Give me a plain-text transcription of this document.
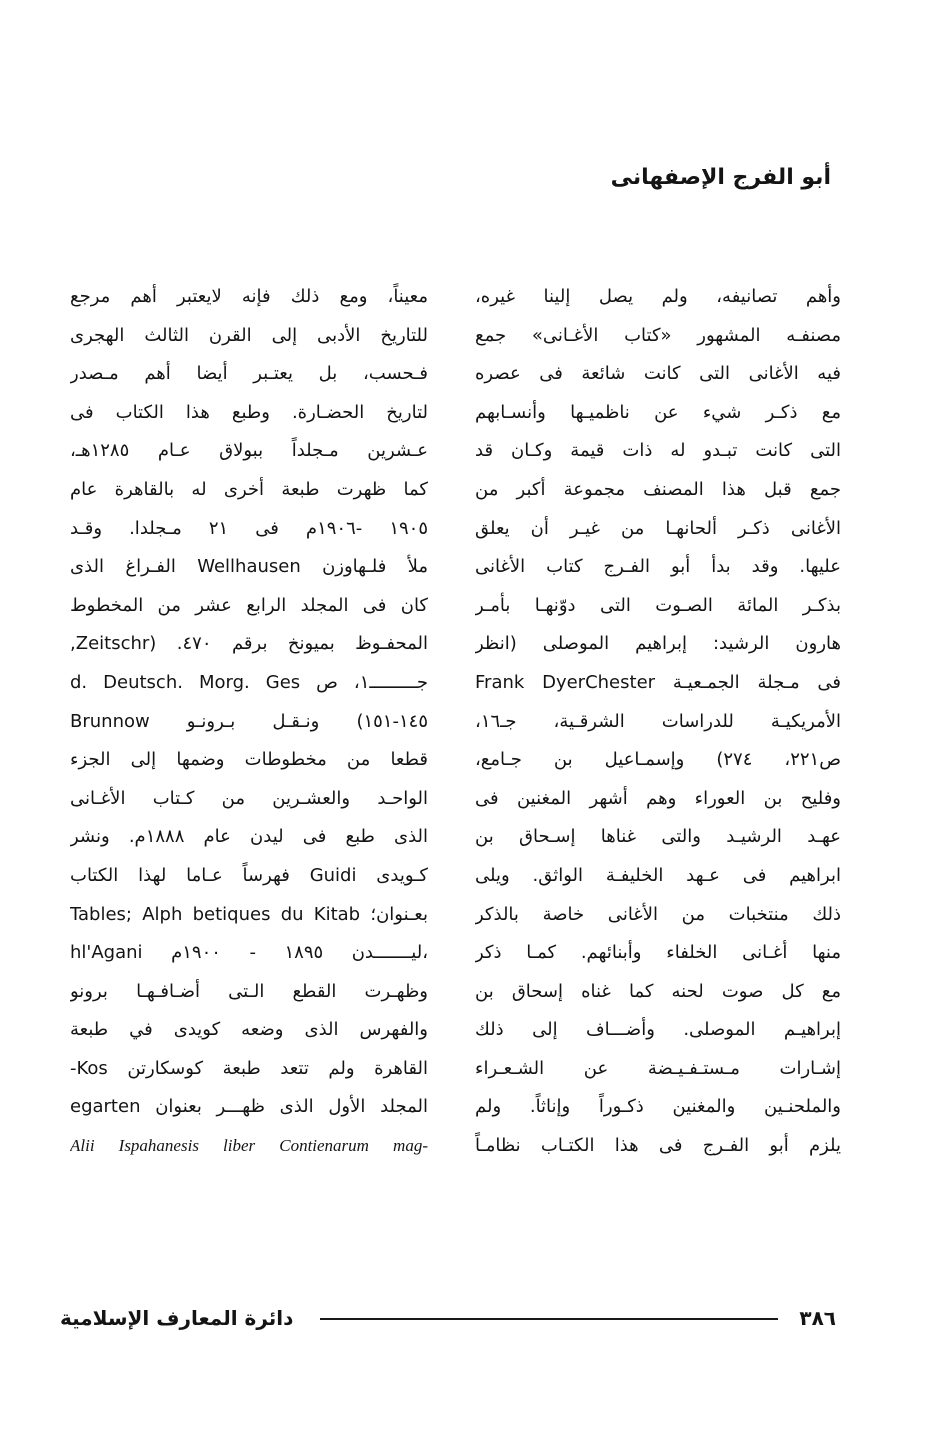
أبو الفرج الإصفهانى
وأهم تصانيفه، ولم يصل إلينا غيره،
مصنفـه المشهور «كتاب الأغـانى» جمع
فيه الأغانى التى كانت شائعة فى عصره
مع ذكـر شيء عن ناظميـها وأنسـابهم
التى كانت تبـدو له ذات قيمة وكـان قد
جمع قبل هذا المصنف مجموعة أكبر من
الأغانى ذكـر ألحانهـا من غيـر أن يعلق
عليها. وقد بدأ أبو الفـرج كتاب الأغانى
بذكـر المائة الصـوت التى دوّنهـا بأمـر
هارون الرشيد: إبراهيم الموصلى (انظر
Frank DyerChester فى مـجلة الجمـعيـة
الأمريكيـة للدراسات الشرقـية، جـ١٦،
ص٢٢١، ٢٧٤) وإسمـاعيل بن جـامع،
وفليح بن العوراء وهم أشهر المغنين فى
عهـد الرشيـد والتى غناها إسـحاق بن
ابراهيم فى عـهد الخليفـة الواثق. ويلى
ذلك منتخبات من الأغانى خاصة بالذكر
منها أغـانى الخلفاء وأبنائهم. كمـا ذكر
مع كل صوت لحنه كما غناه إسحاق بن
إبراهيـم الموصلى. وأضـــاف إلى ذلك
إشـارات مـستـفـيـضة عن الشـعـراء
والملحنـين والمغنين ذكـوراً وإناثاً. ولم
يلزم أبو الفـرج فى هذا الكتـاب نظامـاً
معيناً، ومع ذلك فإنه لايعتبر أهم مرجع
للتاريخ الأدبى إلى القرن الثالث الهجرى
فـحسب، بل يعتـبر أيضا أهم مـصدر
لتاريخ الحضـارة. وطبع هذا الكتاب فى
عـشرين مـجلداً ببولاق عـام ١٢٨٥هـ،
كما ظهرت طبعة أخرى له بالقاهرة عام
١٩٠٥ -١٩٠٦م فى ٢١ مـجلدا. وقـد
ملأ فلـهاوزن Wellhausen الفـراغ الذى
كان فى المجلد الرابع عشر من المخطوط
المحفـوظ بميونخ برقم ٤٧٠. (Zeitschr,
d. Deutsch. Morg. Ges جـــــــــ١، ص
١٤٥-١٥١) ونـقـل بـرونـو Brunnow
قطعا من مخطوطات وضمها إلى الجزء
الواحـد والعشـرين من كـتاب الأغـانى
الذى طبع فى ليدن عام ١٨٨٨م. ونشر
كـويدى Guidi فهرساً عـاما لهذا الكتاب
بعـنوان؛ Tables; Alph betiques du Kitab
hl'Agani ليـــــــدن ١٨٩٥ - ١٩٠٠م،
وظهـرت القطع الـتى أضـافـهـا برونو
والفهرس الذى وضعه كويدى في طبعة
القاهرة ولم تتعد طبعة كوسكارتن Kos-
egarten المجلد الأول الذى ظهـــر بعنوان
Alii Ispahanesis liber Contienarum mag-
٣٨٦
دائرة المعارف الإسلامية
